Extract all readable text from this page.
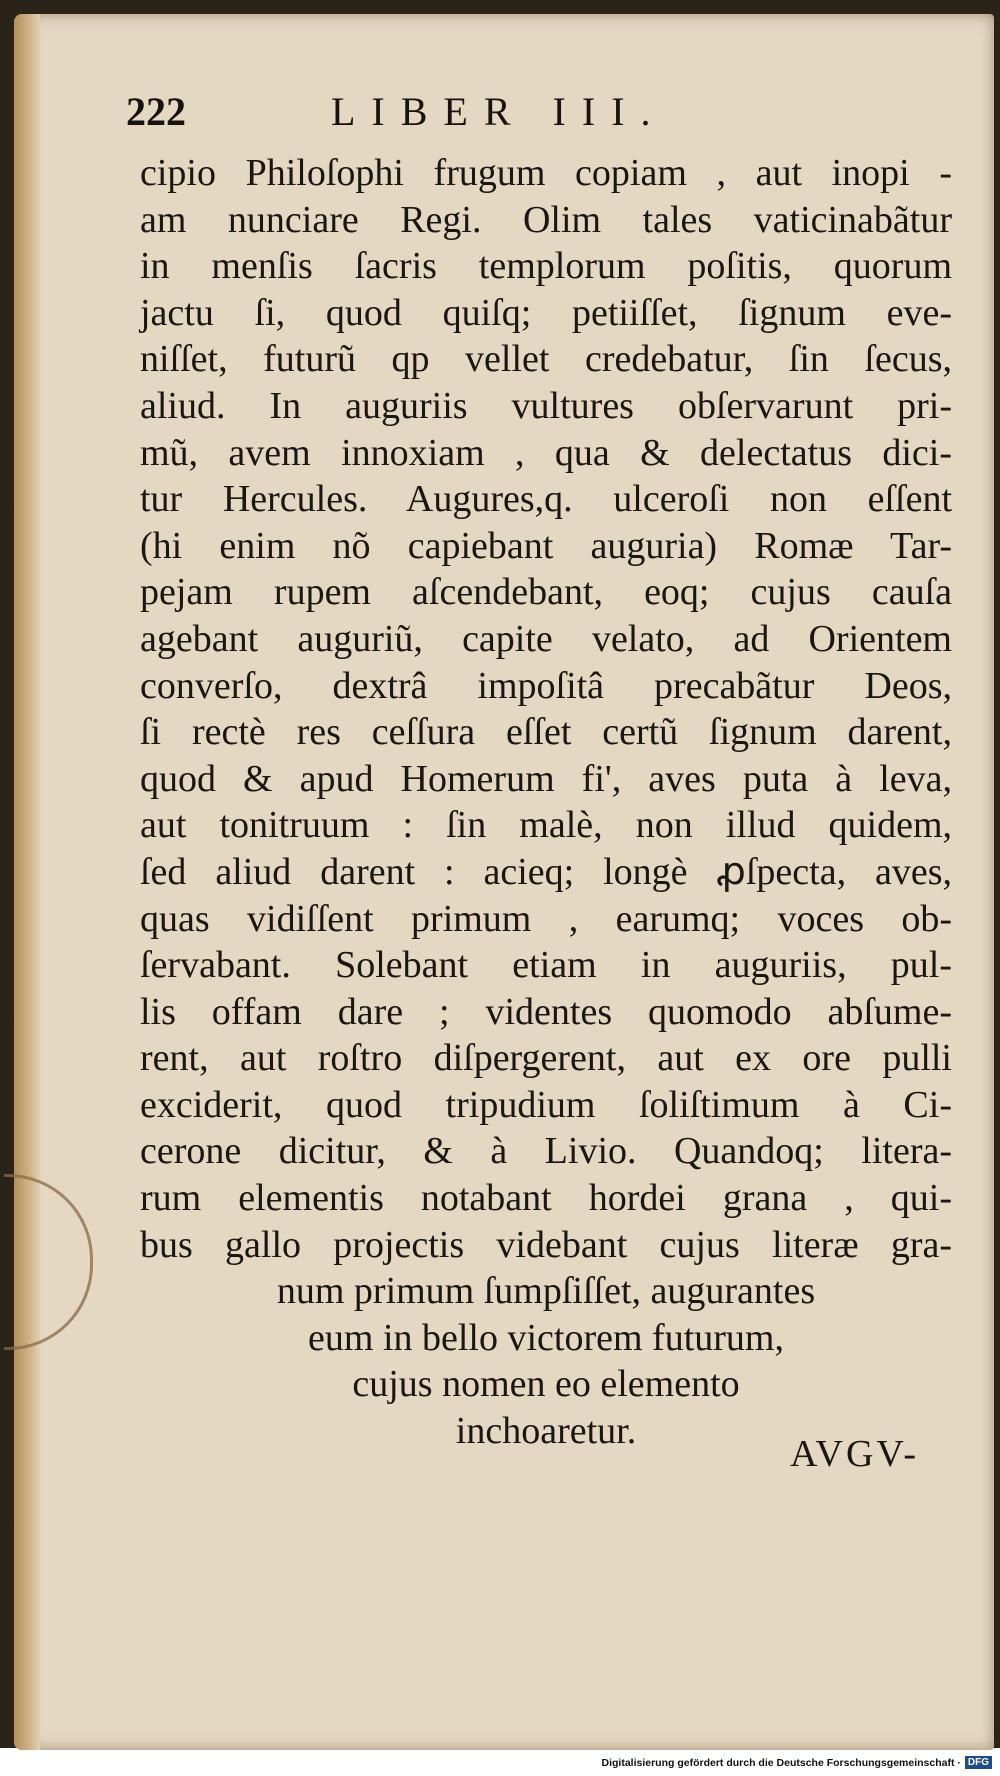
222	LIBER III.
cipio Philoſophi frugum copiam , aut inopi -
am nunciare Regi. Olim tales vaticinabãtur
in menſis ſacris templorum poſitis, quorum
jactu ſi, quod quiſq; petiiſſet, ſignum eve-
niſſet, futurũ qp vellet credebatur, ſin ſecus,
aliud. In auguriis vultures obſervarunt pri-
mũ, avem innoxiam , qua & delectatus dici-
tur Hercules. Augures,q. ulceroſi non eſſent
(hi enim nõ capiebant auguria) Romæ Tar-
pejam rupem aſcendebant, eoq; cujus cauſa
agebant auguriũ, capite velato, ad Orientem
converſo, dextrâ impoſitâ precabãtur Deos,
ſi rectè res ceſſura eſſet certũ ſignum darent,
quod & apud Homerum fi', aves puta à leva,
aut tonitruum : ſin malè, non illud quidem,
ſed aliud darent : acieq; longè ꝓſpecta, aves,
quas vidiſſent primum , earumq; voces ob-
ſervabant. Solebant etiam in auguriis, pul-
lis offam dare ; videntes quomodo abſume-
rent, aut roſtro diſpergerent, aut ex ore pulli
exciderit, quod tripudium ſoliſtimum à Ci-
cerone dicitur, & à Livio. Quandoq; litera-
rum elementis notabant hordei grana , qui-
bus gallo projectis videbant cujus literæ gra-
num primum ſumpſiſſet, augurantes
eum in bello victorem futurum,
cujus nomen eo elemento
inchoaretur.
AVGV-
Digitalisierung gefördert durch die Deutsche Forschungsgemeinschaft · DFG
